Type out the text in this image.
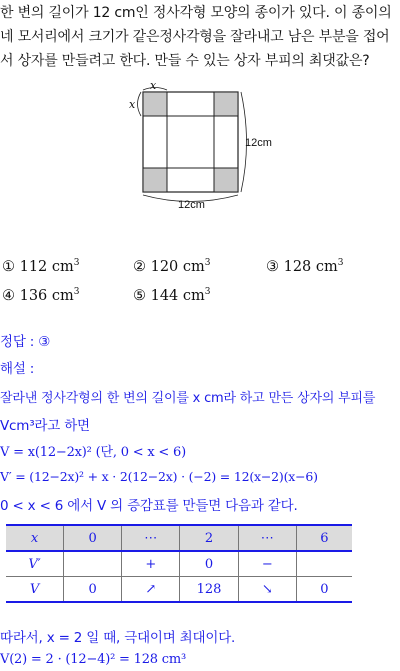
한 변의 길이가 12 cm인 정사각형 모양의 종이가 있다. 이 종이의
네 모서리에서 크기가 같은정사각형을 잘라내고 남은 부분을 접어
서 상자를 만들려고 한다. 만들 수 있는 상자 부피의 최댓값은?
x
x
12cm
12cm
① 112 $cm^3$	② 120 $cm^3$	③ 128 $cm^3$
④ 136 $cm^3$	⑤ 144 $cm^3$
정답 : ③
해설 :
잘라낸 정사각형의 한 변의 길이를 x cm라 하고 만든 상자의 부피를
Vcm³라고 하면
V = x(12−2x)² (단, 0 < x < 6)
V′ = (12−2x)² + x · 2(12−2x) · (−2) = 12(x−2)(x−6)
0 < x < 6 에서 V 의 증감표를 만들면 다음과 같다.
x	0	⋯	2	⋯	6
V′		+	0	−	
V	0	↗	128	↘	0
따라서, x = 2 일 때, 극대이며 최대이다.
V(2) = 2 · (12−4)² = 128 cm³
